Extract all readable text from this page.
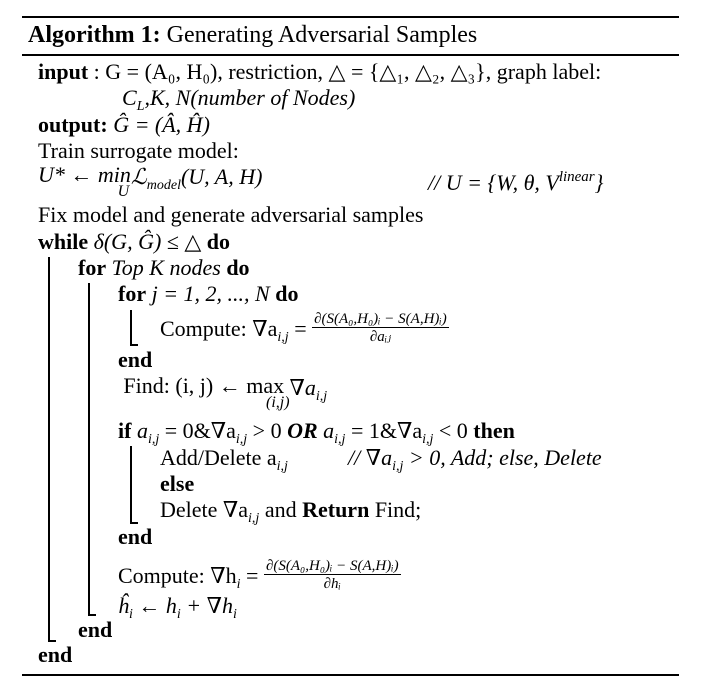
Algorithm 1: Generating Adversarial Samples
input : G = (A₀, H₀), restriction, △ = {△₁, △₂, △₃}, graph label:
$C_L,K$, N(number of Nodes)
output: Ĝ = (Â, Ĥ)
Train surrogate model:
U* ← min
U
ℒ$_{model}$(U, A, H)	// U = {W, θ, $V^{linear}$}
Fix model and generate adversarial samples
while δ(G, Ĝ) ≤ △ do
for Top K nodes do
for j = 1, 2, ..., N do
Compute: $\nabla a_{i,j} = \frac{\text{∂(S(A₀,H₀)ᵢ − S(A,H)ᵢ)}}{\text{∂aᵢⱼ}}$
end
Find: (i, j) ← max
(i,j)
$\nabla a_{i,j}$
if $a_{i,j}$ = $0\&\nabla a_{i,j} > 0$ OR $a_{i,j}$ = $1\&\nabla a_{i,j} < 0$ then
Add/Delete $a_{i,j}$	// $\nabla a_{i,j} > 0$, Add; else, Delete
else
Delete $\nabla a_{i,j}$ and Return Find;
end
Compute: $\nabla h_i = \frac{\text{∂(S(A₀,H₀)ᵢ − S(A,H)ᵢ)}}{\text{∂hᵢ}}$
$ĥ_i$ ← $h_i + \nabla h_i$
end
end
